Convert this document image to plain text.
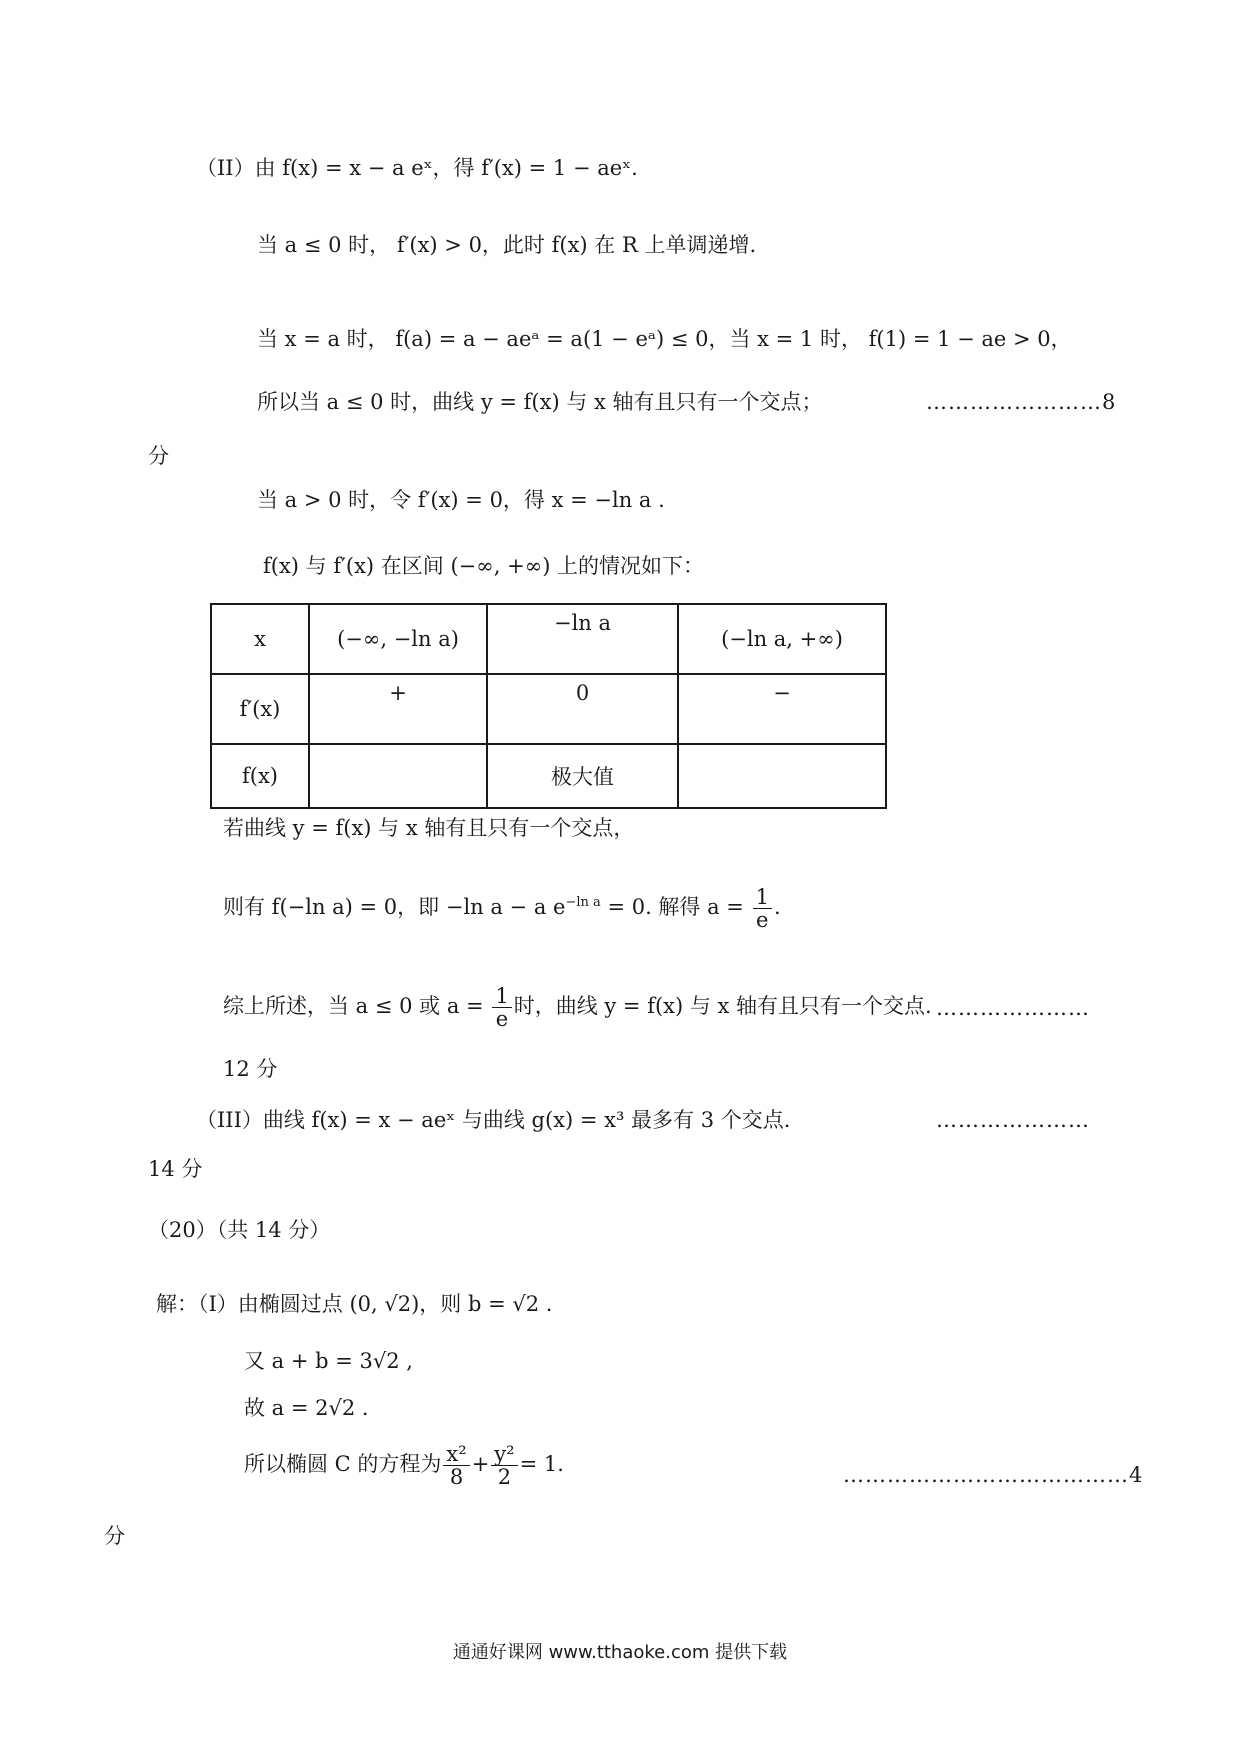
（II）由 f(x) = x − a eˣ，得 f′(x) = 1 − aeˣ.
当 a ≤ 0 时， f′(x) > 0，此时 f(x) 在 R 上单调递增.
当 x = a 时， f(a) = a − aeᵃ = a(1 − eᵃ) ≤ 0，当 x = 1 时， f(1) = 1 − ae > 0，
所以当 a ≤ 0 时，曲线 y = f(x) 与 x 轴有且只有一个交点；	……………………8
分
当 a > 0 时，令 f′(x) = 0，得 x = −ln a .
f(x) 与 f′(x) 在区间 (−∞, +∞) 上的情况如下：
x	(−∞, −ln a)	−ln a	(−ln a, +∞)
f′(x)	+	0	−
f(x)		极大值	
若曲线 y = f(x) 与 x 轴有且只有一个交点，
则有 f(−ln a) = 0，即 −ln a − a $e^{-ln a} = 0$. 解得 $a = \frac{1}{e}$ .
综上所述，当 a ≤ 0 或 $a = \frac{1}{e}$ 时，曲线 y = f(x) 与 x 轴有且只有一个交点. …………………
12 分
（III）曲线 f(x) = x − aeˣ 与曲线 g(x) = x³ 最多有 3 个交点.	…………………
14 分
（20）（共 14 分）
解：（I）由椭圆过点 (0, √2)，则 b = √2 .
又 a + b = 3√2 ,
故 a = 2√2 .
所以椭圆 C 的方程为 $\frac{\text{x²}}{8} + \frac{\text{y²}}{2} = 1$.	…………………………………4
分
通通好课网 www.tthaoke.com 提供下载
